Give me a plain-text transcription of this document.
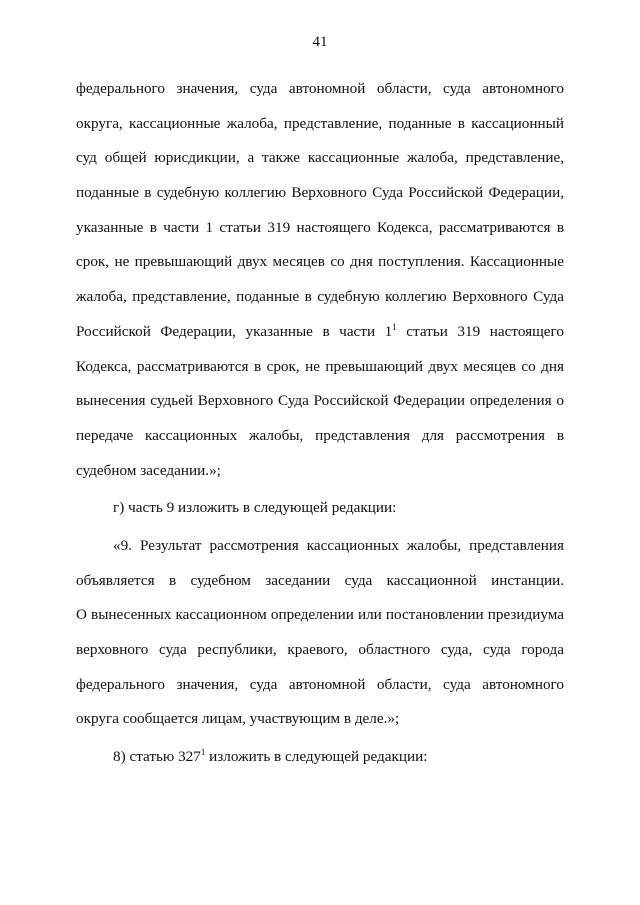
41
федерального значения, суда автономной области, суда автономного
округа, кассационные жалоба, представление, поданные в кассационный
суд общей юрисдикции, а также кассационные жалоба, представление,
поданные в судебную коллегию Верховного Суда Российской Федерации,
указанные в части 1 статьи 319 настоящего Кодекса, рассматриваются в
срок, не превышающий двух месяцев со дня поступления. Кассационные
жалоба, представление, поданные в судебную коллегию Верховного Суда
Российской Федерации, указанные в части $1^1$ статьи 319 настоящего
Кодекса, рассматриваются в срок, не превышающий двух месяцев со дня
вынесения судьей Верховного Суда Российской Федерации определения о
передаче кассационных жалобы, представления для рассмотрения в
судебном заседании.»;
г) часть 9 изложить в следующей редакции:
«9. Результат рассмотрения кассационных жалобы, представления
объявляется в судебном заседании суда кассационной инстанции.
О вынесенных кассационном определении или постановлении президиума
верховного суда республики, краевого, областного суда, суда города
федерального значения, суда автономной области, суда автономного
округа сообщается лицам, участвующим в деле.»;
8) статью $327^1$ изложить в следующей редакции:
